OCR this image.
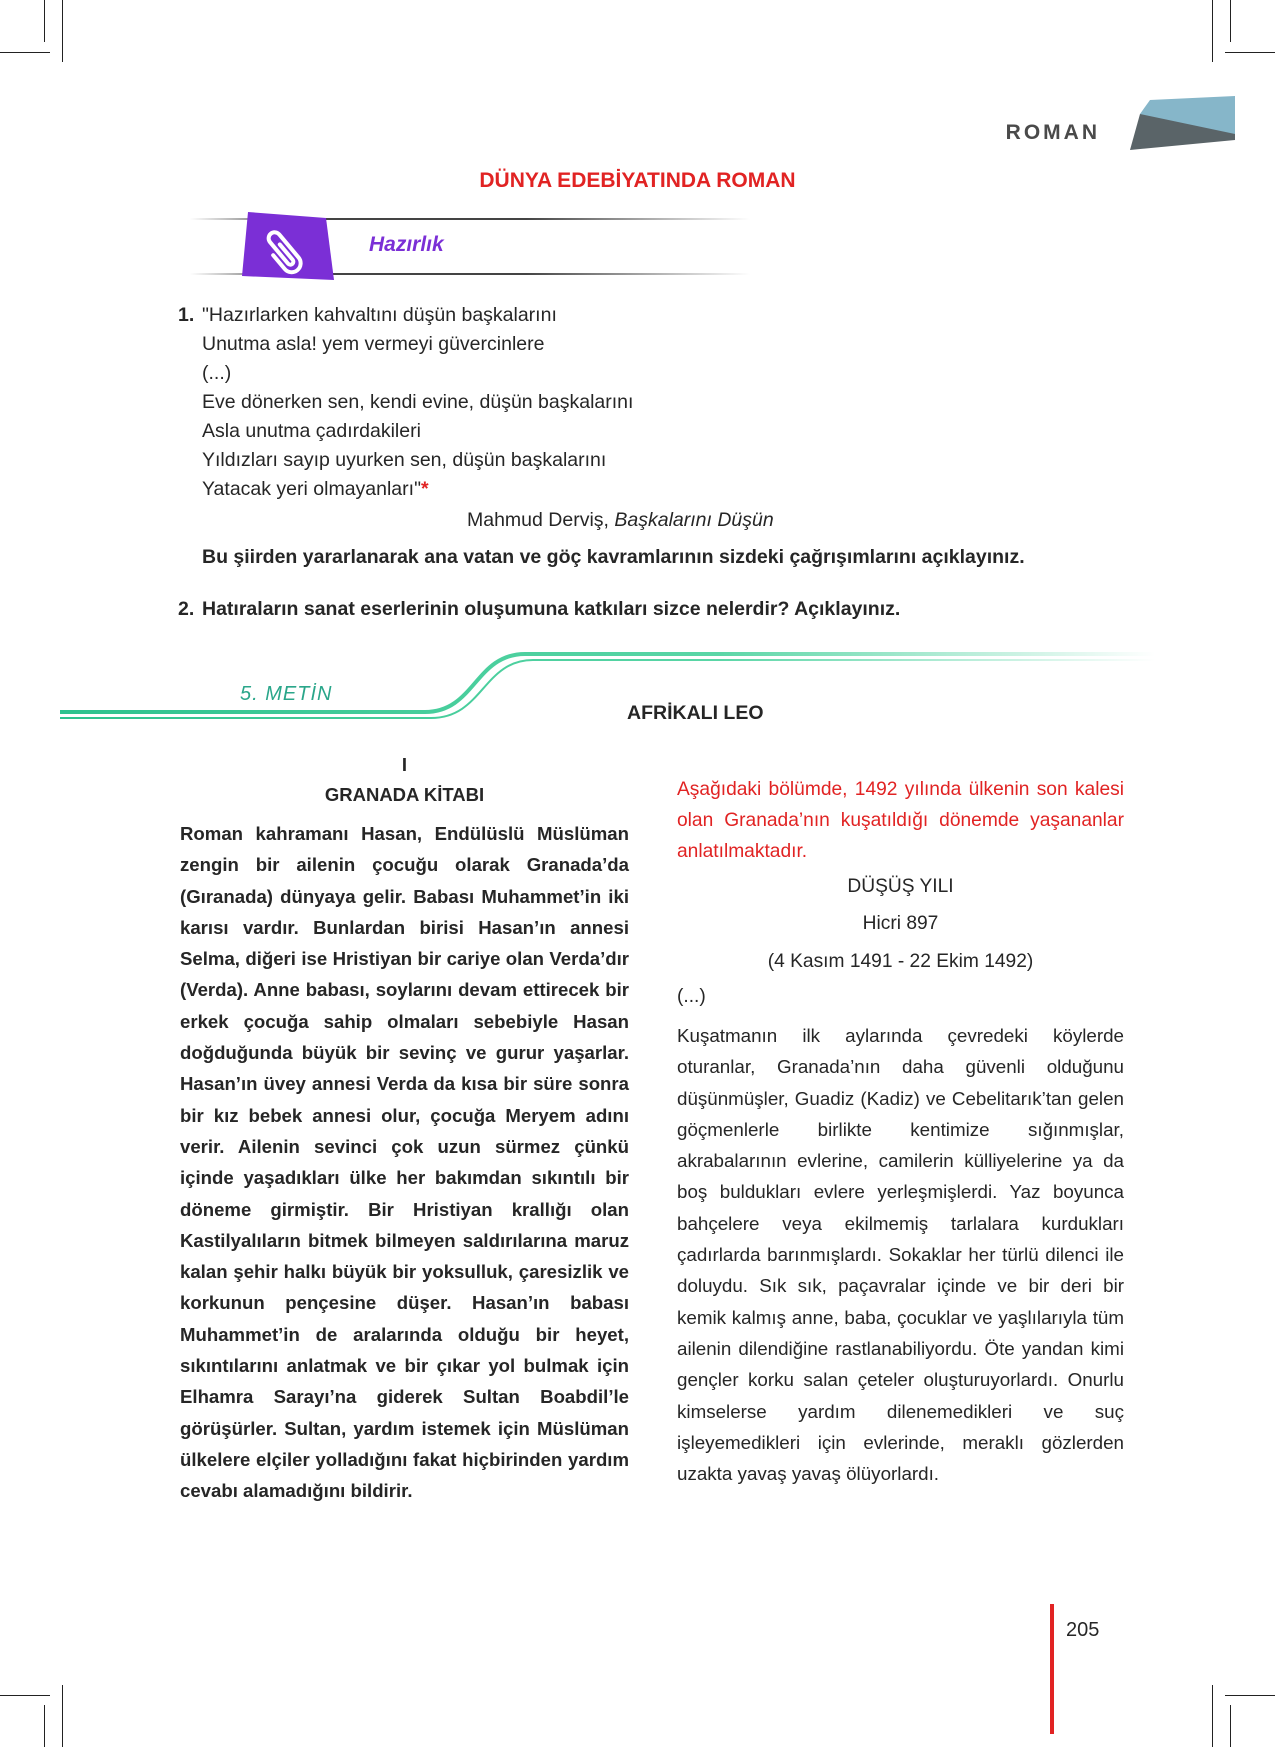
ROMAN
DÜNYA EDEBİYATINDA ROMAN
Hazırlık
1. "Hazırlarken kahvaltını düşün başkalarını
Unutma asla! yem vermeyi güvercinlere
(...)
Eve dönerken sen, kendi evine, düşün başkalarını
Asla unutma çadırdakileri
Yıldızları sayıp uyurken sen, düşün başkalarını
Yatacak yeri olmayanları"*
Mahmud Derviş, Başkalarını Düşün
Bu şiirden yararlanarak ana vatan ve göç kavramlarının sizdeki çağrışımlarını açıklayınız.
2. Hatıraların sanat eserlerinin oluşumuna katkıları sizce nelerdir? Açıklayınız.
5. METİN
AFRİKALI LEO
I
GRANADA KİTABI
Roman kahramanı Hasan, Endülüslü Müslüman zengin bir ailenin çocuğu olarak Granada’da (Gıranada) dünyaya gelir. Babası Muhammet’in iki karısı vardır. Bunlardan birisi Hasan’ın annesi Selma, diğeri ise Hristiyan bir cariye olan Verda’dır (Verda). Anne babası, soylarını devam ettirecek bir erkek çocuğa sahip olmaları sebebiyle Hasan doğduğunda büyük bir sevinç ve gurur yaşarlar. Hasan’ın üvey annesi Verda da kısa bir süre sonra bir kız bebek annesi olur, çocuğa Meryem adını verir. Ailenin sevinci çok uzun sürmez çünkü içinde yaşadıkları ülke her bakımdan sıkıntılı bir döneme girmiştir. Bir Hristiyan krallığı olan Kastilyalıların bitmek bilmeyen saldırılarına maruz kalan şehir halkı büyük bir yoksulluk, çaresizlik ve korkunun pençesine düşer. Hasan’ın babası Muhammet’in de aralarında olduğu bir heyet, sıkıntılarını anlatmak ve bir çıkar yol bulmak için Elhamra Sarayı’na giderek Sultan Boabdil’le görüşürler. Sultan, yardım istemek için Müslüman ülkelere elçiler yolladığını fakat hiçbirinden yardım cevabı alamadığını bildirir.
Aşağıdaki bölümde, 1492 yılında ülkenin son kalesi olan Granada’nın kuşatıldığı dönemde yaşananlar anlatılmaktadır.
DÜŞÜŞ YILI
Hicri 897
(4 Kasım 1491 - 22 Ekim 1492)
(...)
Kuşatmanın ilk aylarında çevredeki köylerde oturanlar, Granada’nın daha güvenli olduğunu düşünmüşler, Guadiz (Kadiz) ve Cebelitarık’tan gelen göçmenlerle birlikte kentimize sığınmışlar, akrabalarının evlerine, camilerin külliyelerine ya da boş buldukları evlere yerleşmişlerdi. Yaz boyunca bahçelere veya ekilmemiş tarlalara kurdukları çadırlarda barınmışlardı. Sokaklar her türlü dilenci ile doluydu. Sık sık, paçavralar içinde ve bir deri bir kemik kalmış anne, baba, çocuklar ve yaşlılarıyla tüm ailenin dilendiğine rastlanabiliyordu. Öte yandan kimi gençler korku salan çeteler oluşturuyorlardı. Onurlu kimselerse yardım dilenemedikleri ve suç işleyemedikleri için evlerinde, meraklı gözlerden uzakta yavaş yavaş ölüyorlardı.
205
